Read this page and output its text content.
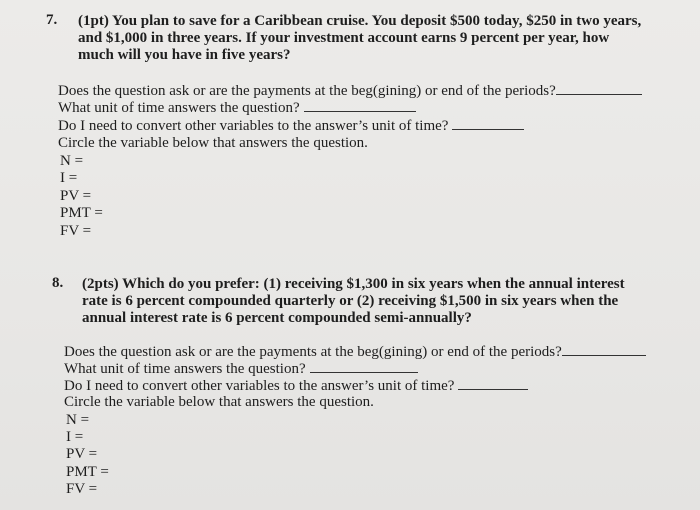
7. (1pt) You plan to save for a Caribbean cruise. You deposit $500 today, $250 in two years,
and $1,000 in three years. If your investment account earns 9 percent per year, how
much will you have in five years?
Does the question ask or are the payments at the beg(gining) or end of the periods?
What unit of time answers the question?
Do I need to convert other variables to the answer’s unit of time?
Circle the variable below that answers the question.
N =
I =
PV =
PMT =
FV =
8. (2pts) Which do you prefer: (1) receiving $1,300 in six years when the annual interest
rate is 6 percent compounded quarterly or (2) receiving $1,500 in six years when the
annual interest rate is 6 percent compounded semi-annually?
Does the question ask or are the payments at the beg(gining) or end of the periods?
What unit of time answers the question?
Do I need to convert other variables to the answer’s unit of time?
Circle the variable below that answers the question.
N =
I =
PV =
PMT =
FV =
